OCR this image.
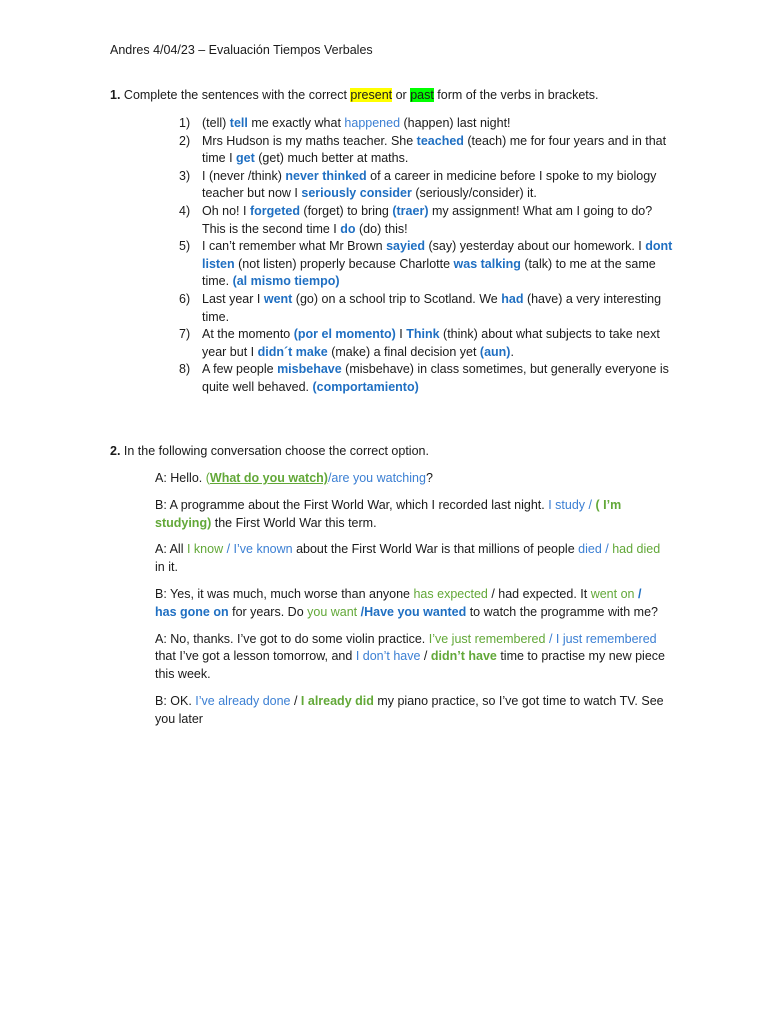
Andres 4/04/23 – Evaluación Tiempos Verbales
1. Complete the sentences with the correct present or past form of the verbs in brackets.
1) (tell) tell me exactly what happened (happen) last night!
2) Mrs Hudson is my maths teacher. She teached (teach) me for four years and in that time I get (get) much better at maths.
3) I (never /think) never thinked of a career in medicine before I spoke to my biology teacher but now I seriously consider (seriously/consider) it.
4) Oh no! I forgeted (forget) to bring (traer) my assignment! What am I going to do? This is the second time I do (do) this!
5) I can’t remember what Mr Brown sayied (say) yesterday about our homework. I dont listen (not listen) properly because Charlotte was talking (talk) to me at the same time. (al mismo tiempo)
6) Last year I went (go) on a school trip to Scotland. We had (have) a very interesting time.
7) At the momento (por el momento) I Think (think) about what subjects to take next year but I didn´t make (make) a final decision yet (aun).
8) A few people misbehave (misbehave) in class sometimes, but generally everyone is quite well behaved. (comportamiento)
2. In the following conversation choose the correct option.
A: Hello. (What do you watch)/are you watching?
B: A programme about the First World War, which I recorded last night. I study / ( I’m studying) the First World War this term.
A: All I know / I’ve known about the First World War is that millions of people died / had died in it.
B: Yes, it was much, much worse than anyone has expected / had expected. It went on / has gone on for years. Do you want /Have you wanted to watch the programme with me?
A: No, thanks. I’ve got to do some violin practice. I’ve just remembered / I just remembered that I’ve got a lesson tomorrow, and I don’t have / didn’t have time to practise my new piece this week.
B: OK. I’ve already done / I already did my piano practice, so I’ve got time to watch TV. See you later
